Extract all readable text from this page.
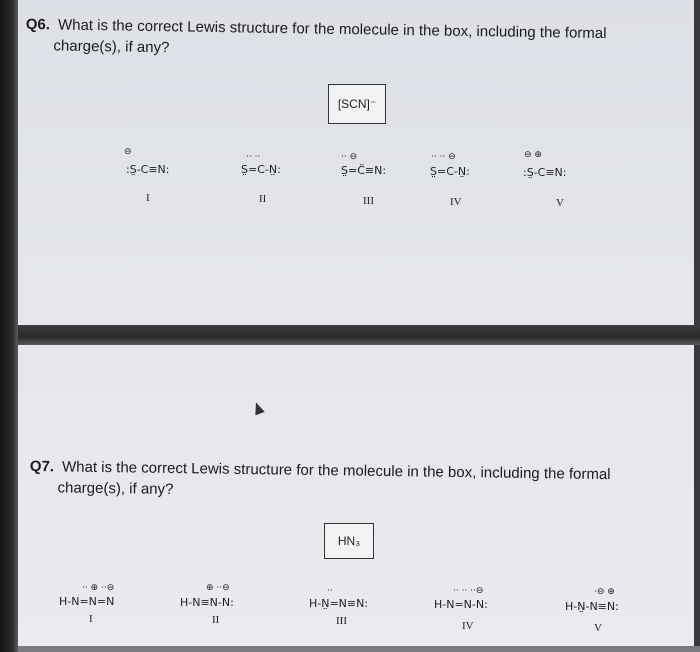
Q6. What is the correct Lewis structure for the molecule in the box, including the formal
charge(s), if any?
[SCN]⁻
⊖
:S̤-C≡N:
I
·· ··
S̤=C-N̤:
II
·· ⊖
S̤=C̈≡N:
III
·· ·· ⊖
S̤=C-N̤:
IV
⊖ ⊕
:S̤-C≡N:
V
Q7. What is the correct Lewis structure for the molecule in the box, including the formal
charge(s), if any?
HN₃
·· ⊕ ··⊖
H-N=N=N
I
⊕ ··⊖
H-N≡N-N:
II
··
H-N̤=N≡N:
III
·· ·· ··⊖
H-N=N-N:
IV
·⊖ ⊕
H-N̤-N≡N:
V
